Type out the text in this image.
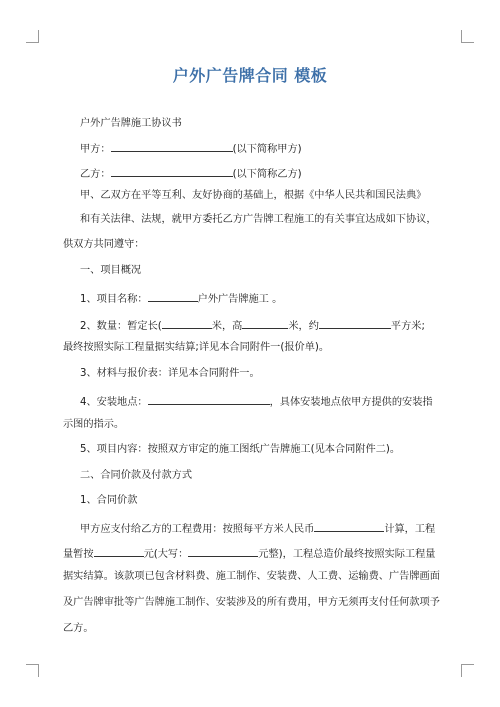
户外广告牌合同 模板
户外广告牌施工协议书
甲方：	(以下简称甲方)
乙方：	(以下简称乙方)
甲、乙双方在平等互利、友好协商的基础上，根据《中华人民共和国民法典》
和有关法律、法规，就甲方委托乙方广告牌工程施工的有关事宜达成如下协议，
供双方共同遵守：
一、项目概况
1、项目名称：	户外广告牌施工 。
2、数量：暂定长(	米，高	米，约	平方米;
最终按照实际工程量据实结算;详见本合同附件一(报价单)。
3、材料与报价表：详见本合同附件一。
4、安装地点：	，具体安装地点依甲方提供的安装指
示图的指示。
5、项目内容：按照双方审定的施工图纸广告牌施工(见本合同附件二)。
二、合同价款及付款方式
1、合同价款
甲方应支付给乙方的工程费用：按照每平方米人民币	计算，工程
量暂按	元(大写：	元整)，工程总造价最终按照实际工程量
据实结算。该款项已包含材料费、施工制作、安装费、人工费、运输费、广告牌画面
及广告牌审批等广告牌施工制作、安装涉及的所有费用，甲方无须再支付任何款项予
乙方。
